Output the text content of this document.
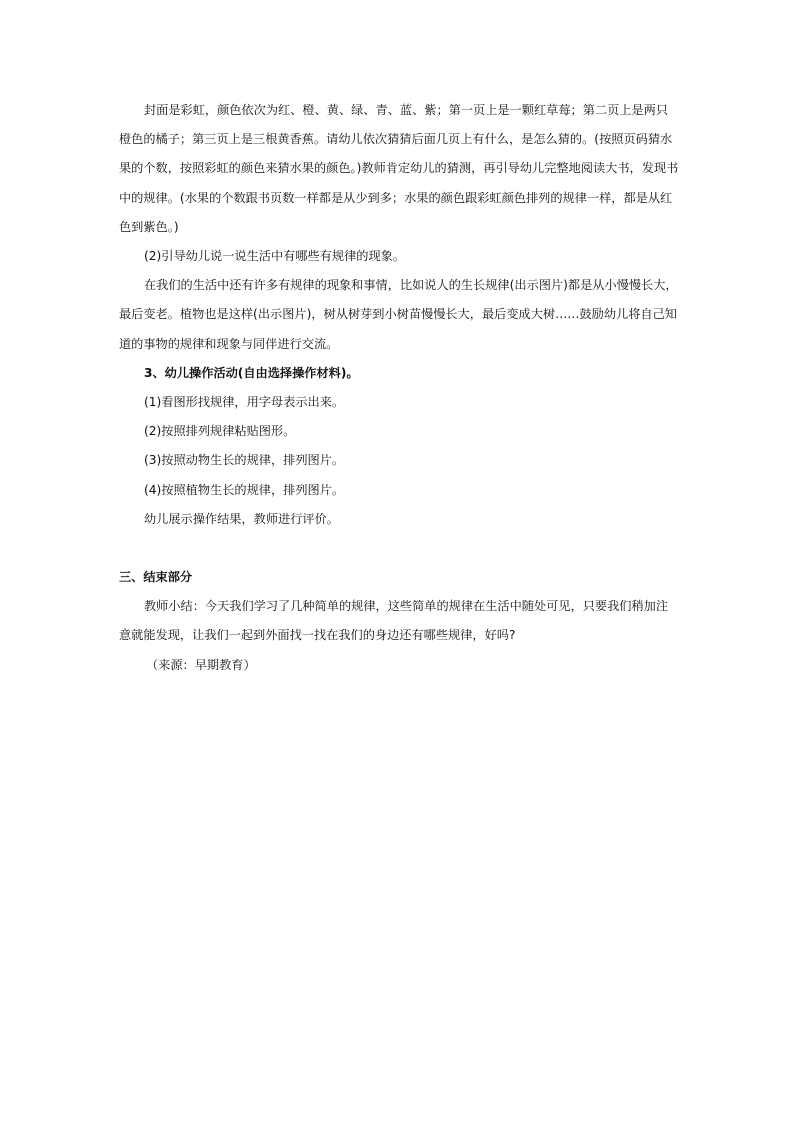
封面是彩虹，颜色依次为红、橙、黄、绿、青、蓝、紫；第一页上是一颗红草莓；第二页上是两只橙色的橘子；第三页上是三根黄香蕉。请幼儿依次猜猜后面几页上有什么，是怎么猜的。(按照页码猜水果的个数，按照彩虹的颜色来猜水果的颜色。)教师肯定幼儿的猜测，再引导幼儿完整地阅读大书，发现书中的规律。(水果的个数跟书页数一样都是从少到多；水果的颜色跟彩虹颜色排列的规律一样，都是从红色到紫色。)

(2)引导幼儿说一说生活中有哪些有规律的现象。

在我们的生活中还有许多有规律的现象和事情，比如说人的生长规律(出示图片)都是从小慢慢长大，最后变老。植物也是这样(出示图片)，树从树芽到小树苗慢慢长大，最后变成大树……鼓励幼儿将自己知道的事物的规律和现象与同伴进行交流。

3、幼儿操作活动(自由选择操作材料)。

(1)看图形找规律，用字母表示出来。

(2)按照排列规律粘贴图形。

(3)按照动物生长的规律，排列图片。

(4)按照植物生长的规律，排列图片。

幼儿展示操作结果，教师进行评价。

三、结束部分

教师小结：今天我们学习了几种简单的规律，这些简单的规律在生活中随处可见，只要我们稍加注意就能发现，让我们一起到外面找一找在我们的身边还有哪些规律，好吗?

（来源：早期教育）
